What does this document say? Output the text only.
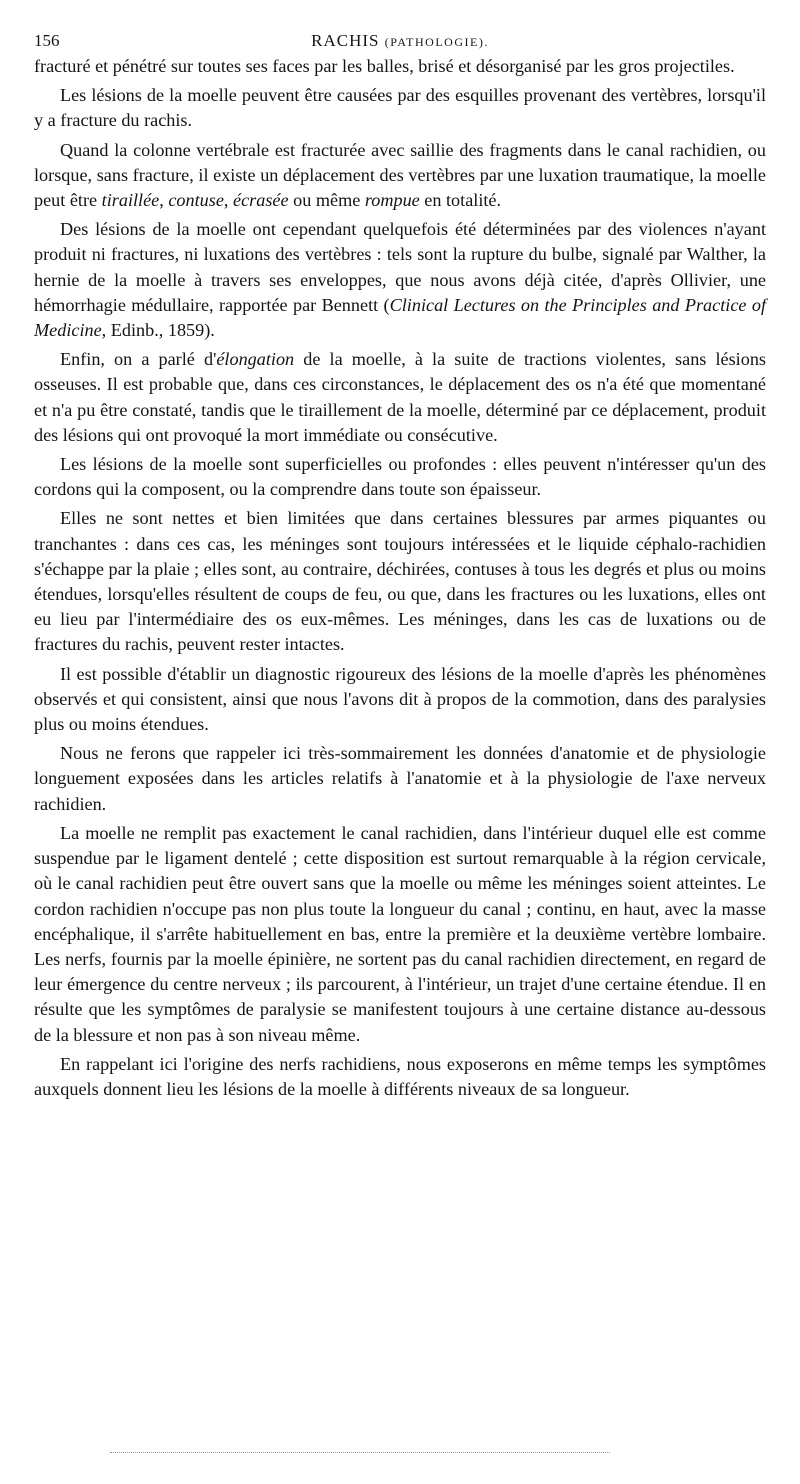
156	RACHIS (PATHOLOGIE).

fracturé et pénétré sur toutes ses faces par les balles, brisé et désorganisé par les gros projectiles.

Les lésions de la moelle peuvent être causées par des esquilles provenant des vertèbres, lorsqu'il y a fracture du rachis.

Quand la colonne vertébrale est fracturée avec saillie des fragments dans le canal rachidien, ou lorsque, sans fracture, il existe un déplacement des vertèbres par une luxation traumatique, la moelle peut être tiraillée, contuse, écrasée ou même rompue en totalité.

Des lésions de la moelle ont cependant quelquefois été déterminées par des violences n'ayant produit ni fractures, ni luxations des vertèbres : tels sont la rupture du bulbe, signalé par Walther, la hernie de la moelle à travers ses enveloppes, que nous avons déjà citée, d'après Ollivier, une hémorrhagie médullaire, rapportée par Bennett (Clinical Lectures on the Principles and Practice of Medicine, Edinb., 1859).

Enfin, on a parlé d'élongation de la moelle, à la suite de tractions violentes, sans lésions osseuses. Il est probable que, dans ces circonstances, le déplacement des os n'a été que momentané et n'a pu être constaté, tandis que le tiraillement de la moelle, déterminé par ce déplacement, produit des lésions qui ont provoqué la mort immédiate ou consécutive.

Les lésions de la moelle sont superficielles ou profondes : elles peuvent n'intéresser qu'un des cordons qui la composent, ou la comprendre dans toute son épaisseur.

Elles ne sont nettes et bien limitées que dans certaines blessures par armes piquantes ou tranchantes : dans ces cas, les méninges sont toujours intéressées et le liquide céphalo-rachidien s'échappe par la plaie ; elles sont, au contraire, déchirées, contuses à tous les degrés et plus ou moins étendues, lorsqu'elles résultent de coups de feu, ou que, dans les fractures ou les luxations, elles ont eu lieu par l'intermédiaire des os eux-mêmes. Les méninges, dans les cas de luxations ou de fractures du rachis, peuvent rester intactes.

Il est possible d'établir un diagnostic rigoureux des lésions de la moelle d'après les phénomènes observés et qui consistent, ainsi que nous l'avons dit à propos de la commotion, dans des paralysies plus ou moins étendues.

Nous ne ferons que rappeler ici très-sommairement les données d'anatomie et de physiologie longuement exposées dans les articles relatifs à l'anatomie et à la physiologie de l'axe nerveux rachidien.

La moelle ne remplit pas exactement le canal rachidien, dans l'intérieur duquel elle est comme suspendue par le ligament dentelé ; cette disposition est surtout remarquable à la région cervicale, où le canal rachidien peut être ouvert sans que la moelle ou même les méninges soient atteintes. Le cordon rachidien n'occupe pas non plus toute la longueur du canal ; continu, en haut, avec la masse encéphalique, il s'arrête habituellement en bas, entre la première et la deuxième vertèbre lombaire. Les nerfs, fournis par la moelle épinière, ne sortent pas du canal rachidien directement, en regard de leur émergence du centre nerveux ; ils parcourent, à l'intérieur, un trajet d'une certaine étendue. Il en résulte que les symptômes de paralysie se manifestent toujours à une certaine distance au-dessous de la blessure et non pas à son niveau même.

En rappelant ici l'origine des nerfs rachidiens, nous exposerons en même temps les symptômes auxquels donnent lieu les lésions de la moelle à différents niveaux de sa longueur.
